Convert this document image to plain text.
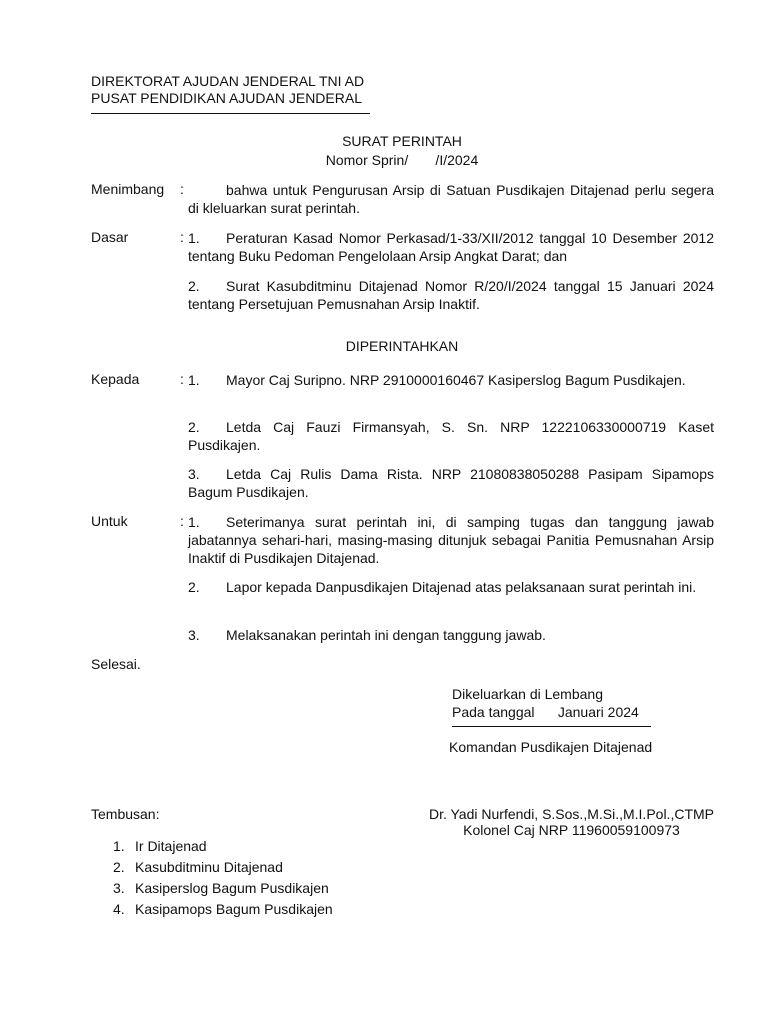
DIREKTORAT AJUDAN JENDERAL TNI AD
PUSAT PENDIDIKAN AJUDAN JENDERAL
SURAT PERINTAH
Nomor Sprin/       /I/2024
Menimbang :	bahwa untuk Pengurusan Arsip di Satuan Pusdikajen Ditajenad perlu segera di kleluarkan surat perintah.
Dasar	: 1. Peraturan Kasad Nomor Perkasad/1-33/XII/2012 tanggal 10 Desember 2012 tentang Buku Pedoman Pengelolaan Arsip Angkat Darat; dan
2. Surat Kasubditminu Ditajenad Nomor R/20/I/2024 tanggal 15 Januari 2024 tentang Persetujuan Pemusnahan Arsip Inaktif.
DIPERINTAHKAN
Kepada	: 1. Mayor Caj Suripno. NRP 2910000160467 Kasiperslog Bagum Pusdikajen.
2. Letda Caj Fauzi Firmansyah, S. Sn. NRP 1222106330000719 Kaset Pusdikajen.
3. Letda Caj Rulis Dama Rista. NRP 21080838050288 Pasipam Sipamops Bagum Pusdikajen.
Untuk	: 1. Seterimanya surat perintah ini, di samping tugas dan tanggung jawab jabatannya sehari-hari, masing-masing ditunjuk sebagai Panitia Pemusnahan Arsip Inaktif di Pusdikajen Ditajenad.
2. Lapor kepada Danpusdikajen Ditajenad atas pelaksanaan surat perintah ini.
3. Melaksanakan perintah ini dengan tanggung jawab.
Selesai.
Dikeluarkan di Lembang
Pada tanggal      Januari 2024
Komandan Pusdikajen Ditajenad
Tembusan:	Dr. Yadi Nurfendi, S.Sos.,M.Si.,M.I.Pol.,CTMP
Kolonel Caj NRP 11960059100973
1. Ir Ditajenad
2. Kasubditminu Ditajenad
3. Kasiperslog Bagum Pusdikajen
4. Kasipamops Bagum Pusdikajen
